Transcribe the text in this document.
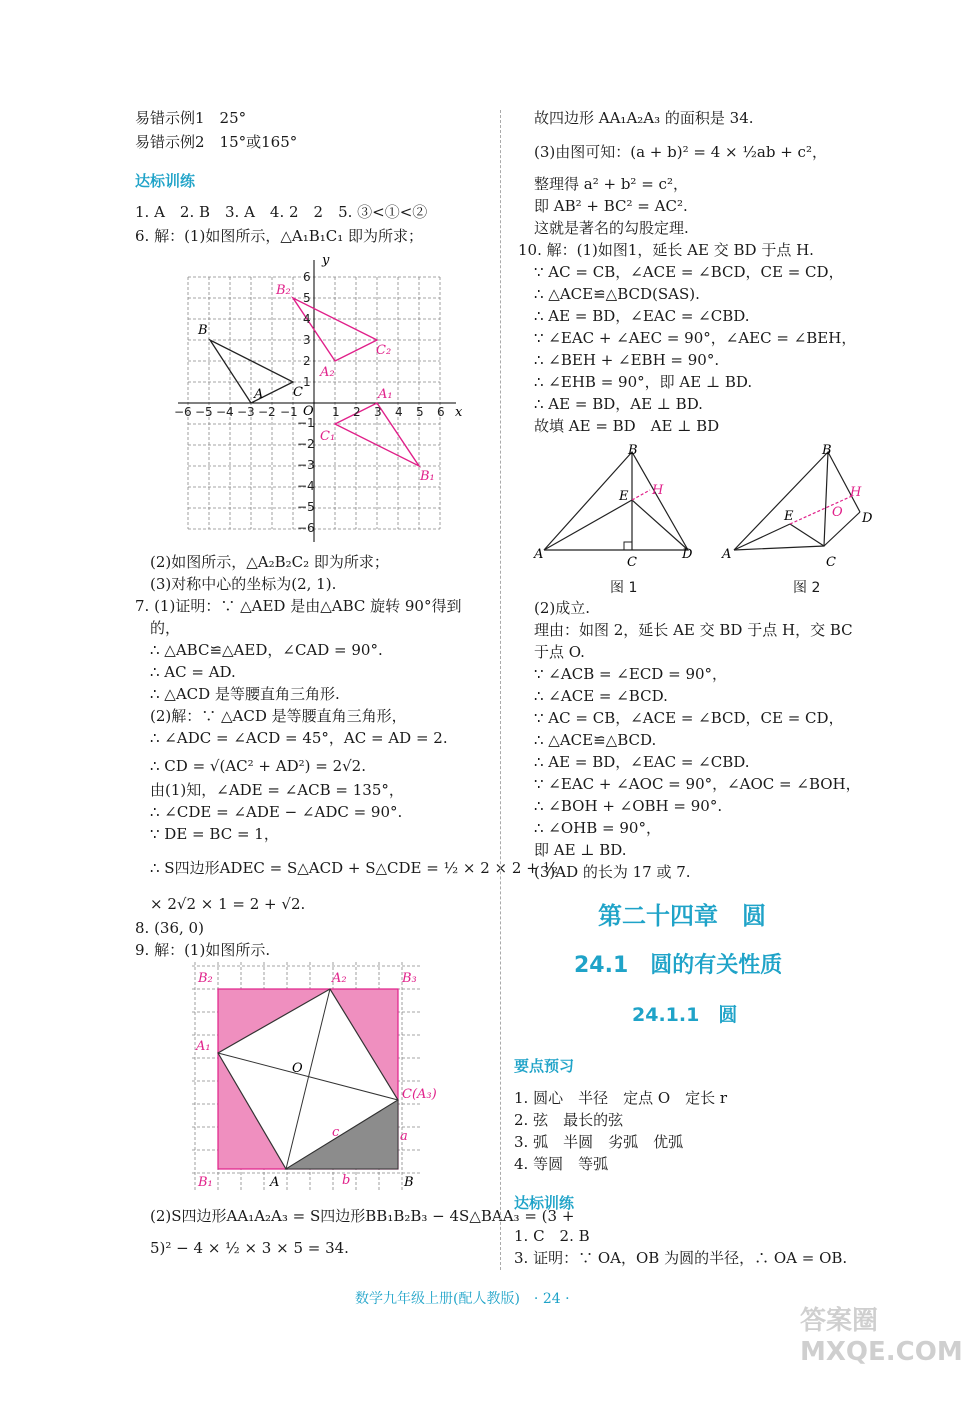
易错示例1　25°
易错示例2　15°或165°
1. A　2. B　3. A　4. 2　2　5. ③<①<②
6. 解：(1)如图所示，△A₁B₁C₁ 即为所求；
(2)如图所示，△A₂B₂C₂ 即为所求；
(3)对称中心的坐标为(2, 1).
7. (1)证明：∵ △AED 是由△ABC 旋转 90°得到
的，
∴ △ABC≌△AED，∠CAD = 90°.
∴ AC = AD.
∴ △ACD 是等腰直角三角形.
(2)解：∵ △ACD 是等腰直角三角形，
∴ ∠ADC = ∠ACD = 45°，AC = AD = 2.
∴ CD = √(AC² + AD²) = 2√2.
由(1)知，∠ADE = ∠ACB = 135°，
∴ ∠CDE = ∠ADE − ∠ADC = 90°.
∵ DE = BC = 1，
∴ S四边形ADEC = S△ACD + S△CDE = ½ × 2 × 2 + ½
× 2√2 × 1 = 2 + √2.
8. (36, 0)
9. 解：(1)如图所示.
(2)S四边形AA₁A₂A₃ = S四边形BB₁B₂B₃ − 4S△BAA₃ = (3 +
5)² − 4 × ½ × 3 × 5 = 34.
故四边形 AA₁A₂A₃ 的面积是 34.
(3)由图可知：(a + b)² = 4 × ½ab + c²，
整理得 a² + b² = c²，
即 AB² + BC² = AC².
这就是著名的勾股定理.
10. 解：(1)如图1，延长 AE 交 BD 于点 H.
∵ AC = CB，∠ACE = ∠BCD，CE = CD，
∴ △ACE≌△BCD(SAS).
∴ AE = BD，∠EAC = ∠CBD.
∵ ∠EAC + ∠AEC = 90°，∠AEC = ∠BEH，
∴ ∠BEH + ∠EBH = 90°.
∴ ∠EHB = 90°，即 AE ⊥ BD.
∴ AE = BD，AE ⊥ BD.
故填 AE = BD　AE ⊥ BD
(2)成立.
理由：如图 2，延长 AE 交 BD 于点 H，交 BC
于点 O.
∵ ∠ACB = ∠ECD = 90°，
∴ ∠ACE = ∠BCD.
∵ AC = CB，∠ACE = ∠BCD，CE = CD，
∴ △ACE≌△BCD.
∴ AE = BD，∠EAC = ∠CBD.
∵ ∠EAC + ∠AOC = 90°，∠AOC = ∠BOH，
∴ ∠BOH + ∠OBH = 90°.
∴ ∠OHB = 90°，
即 AE ⊥ BD.
(3)AD 的长为 17 或 7.
1. 圆心　半径　定点 O　定长 r
2. 弦　最长的弦
3. 弧　半圆　劣弧　优弧
4. 等圆　等弧
1. C　2. B
3. 证明：∵ OA，OB 为圆的半径，∴ OA = OB.
达标训练
要点预习
达标训练
第二十四章　圆
24.1　圆的有关性质
24.1.1　圆
B
A C
A₂
C₂
B₂
A₁
B₁
C₁
x
y
O
−6 −5 −4 −3 −2 −1	1 2 3 4 5 6
6
5
4
3
2
1
−1
−2
−3
−4
−5
−6
B₂	B₃
A₂
A₁
C(A₃)
B₁	A	B
O
c
b
a
B
E H
A
C
D
图 1
B
E
H
O D
A
C
图 2
数学九年级上册(配人教版)　· 24 ·
答案圈 MXQE.COM
